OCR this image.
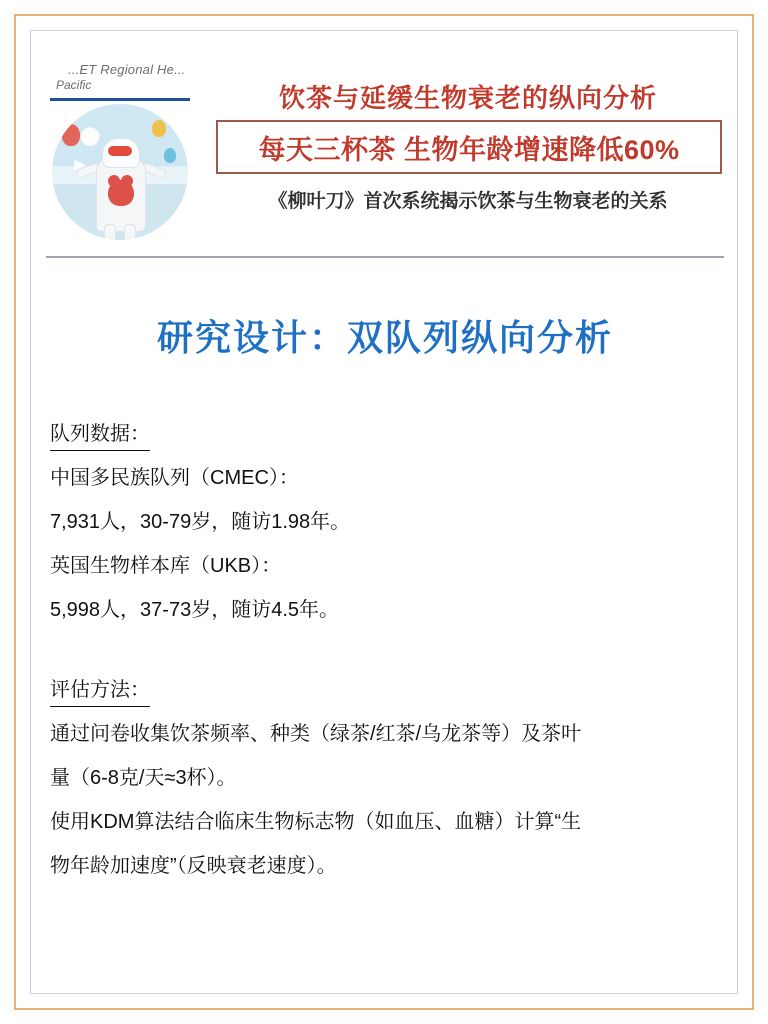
...ET Regional He...
Pacific	饮茶与延缓生物衰老的纵向分析
每天三杯茶 生物年龄增速降低60%
《柳叶刀》首次系统揭示饮茶与生物衰老的关系
研究设计：双队列纵向分析
队列数据：
中国多民族队列（CMEC）：
7,931人，30-79岁，随访1.98年。
英国生物样本库（UKB）：
5,998人，37-73岁，随访4.5年。
评估方法：
通过问卷收集饮茶频率、种类（绿茶/红茶/乌龙茶等）及茶叶
量（6-8克/天≈3杯）。
使用KDM算法结合临床生物标志物（如血压、血糖）计算“生
物年龄加速度”（反映衰老速度）。
